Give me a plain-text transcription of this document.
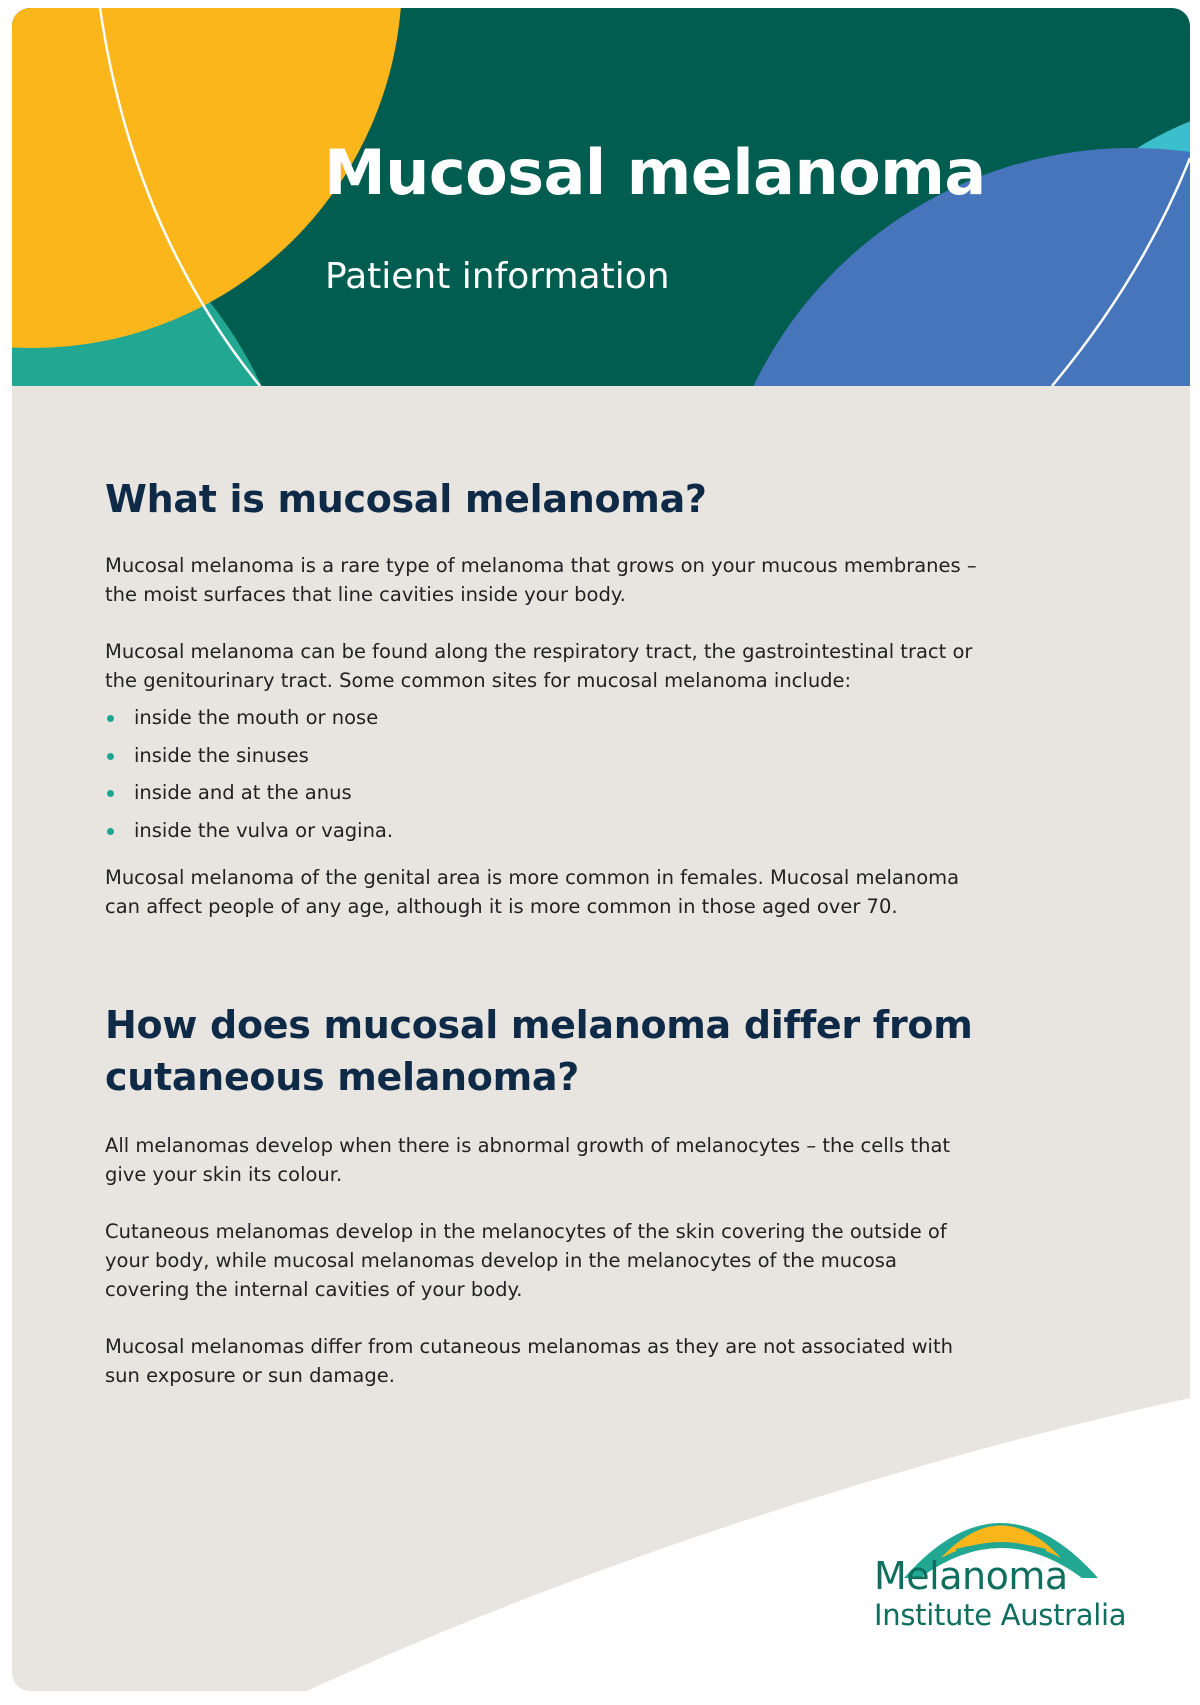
Mucosal melanoma
Patient information
What is mucosal melanoma?

Mucosal melanoma is a rare type of melanoma that grows on your mucous membranes – the moist surfaces that line cavities inside your body.

Mucosal melanoma can be found along the respiratory tract, the gastrointestinal tract or the genitourinary tract. Some common sites for mucosal melanoma include:

inside the mouth or nose
inside the sinuses
inside and at the anus
inside the vulva or vagina.

Mucosal melanoma of the genital area is more common in females. Mucosal melanoma can affect people of any age, although it is more common in those aged over 70.

How does mucosal melanoma differ from cutaneous melanoma?

All melanomas develop when there is abnormal growth of melanocytes – the cells that give your skin its colour.

Cutaneous melanomas develop in the melanocytes of the skin covering the outside of your body, while mucosal melanomas develop in the melanocytes of the mucosa covering the internal cavities of your body.

Mucosal melanomas differ from cutaneous melanomas as they are not associated with sun exposure or sun damage.

Melanoma
Institute Australia
